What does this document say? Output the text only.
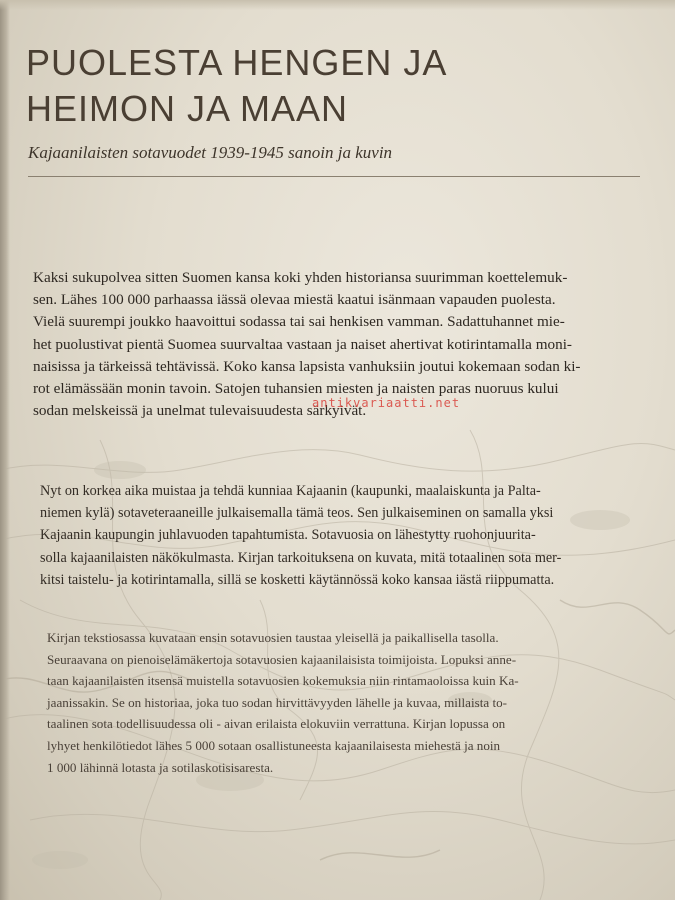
PUOLESTA HENGEN JA
HEIMON JA MAAN

Kajaanilaisten sotavuodet 1939-1945 sanoin ja kuvin

Kaksi sukupolvea sitten Suomen kansa koki yhden historiansa suurimman koettelemuk-
sen. Lähes 100 000 parhaassa iässä olevaa miestä kaatui isänmaan vapauden puolesta.
Vielä suurempi joukko haavoittui sodassa tai sai henkisen vamman. Sadattuhannet mie-
het puolustivat pientä Suomea suurvaltaa vastaan ja naiset ahertivat kotirintamalla moni-
naisissa ja tärkeissä tehtävissä. Koko kansa lapsista vanhuksiin joutui kokemaan sodan ki-
rot elämässään monin tavoin. Satojen tuhansien miesten ja naisten paras nuoruus kului
sodan melskeissä ja unelmat tulevaisuudesta särkyivät.

Nyt on korkea aika muistaa ja tehdä kunniaa Kajaanin (kaupunki, maalaiskunta ja Palta-
niemen kylä) sotaveteraaneille julkaisemalla tämä teos. Sen julkaiseminen on samalla yksi
Kajaanin kaupungin juhlavuoden tapahtumista. Sotavuosia on lähestytty ruohonjuurita-
solla kajaanilaisten näkökulmasta. Kirjan tarkoituksena on kuvata, mitä totaalinen sota mer-
kitsi taistelu- ja kotirintamalla, sillä se kosketti käytännössä koko kansaa iästä riippumatta.

Kirjan tekstiosassa kuvataan ensin sotavuosien taustaa yleisellä ja paikallisella tasolla.
Seuraavana on pienoiselämäkertoja sotavuosien kajaanilaisista toimijoista. Lopuksi anne-
taan kajaanilaisten itsensä muistella sotavuosien kokemuksia niin rintamaoloissa kuin Ka-
jaanissakin. Se on historiaa, joka tuo sodan hirvittävyyden lähelle ja kuvaa, millaista to-
taalinen sota todellisuudessa oli - aivan erilaista elokuviin verrattuna. Kirjan lopussa on
lyhyet henkilötiedot lähes 5 000 sotaan osallistuneesta kajaanilaisesta miehestä ja noin
1 000 lähinnä lotasta ja sotilaskotisisaresta.

antikvariaatti.net
